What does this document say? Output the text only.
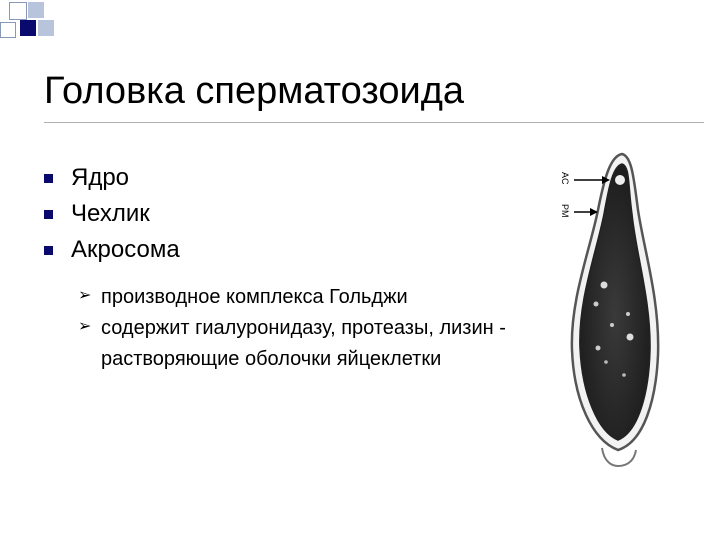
Головка сперматозоида
Ядро
Чехлик
Акросома
➢ производное комплекса Гольджи
➢ содержит гиалуронидазу, протеазы, лизин - растворяющие оболочки яйцеклетки
AC
PM
